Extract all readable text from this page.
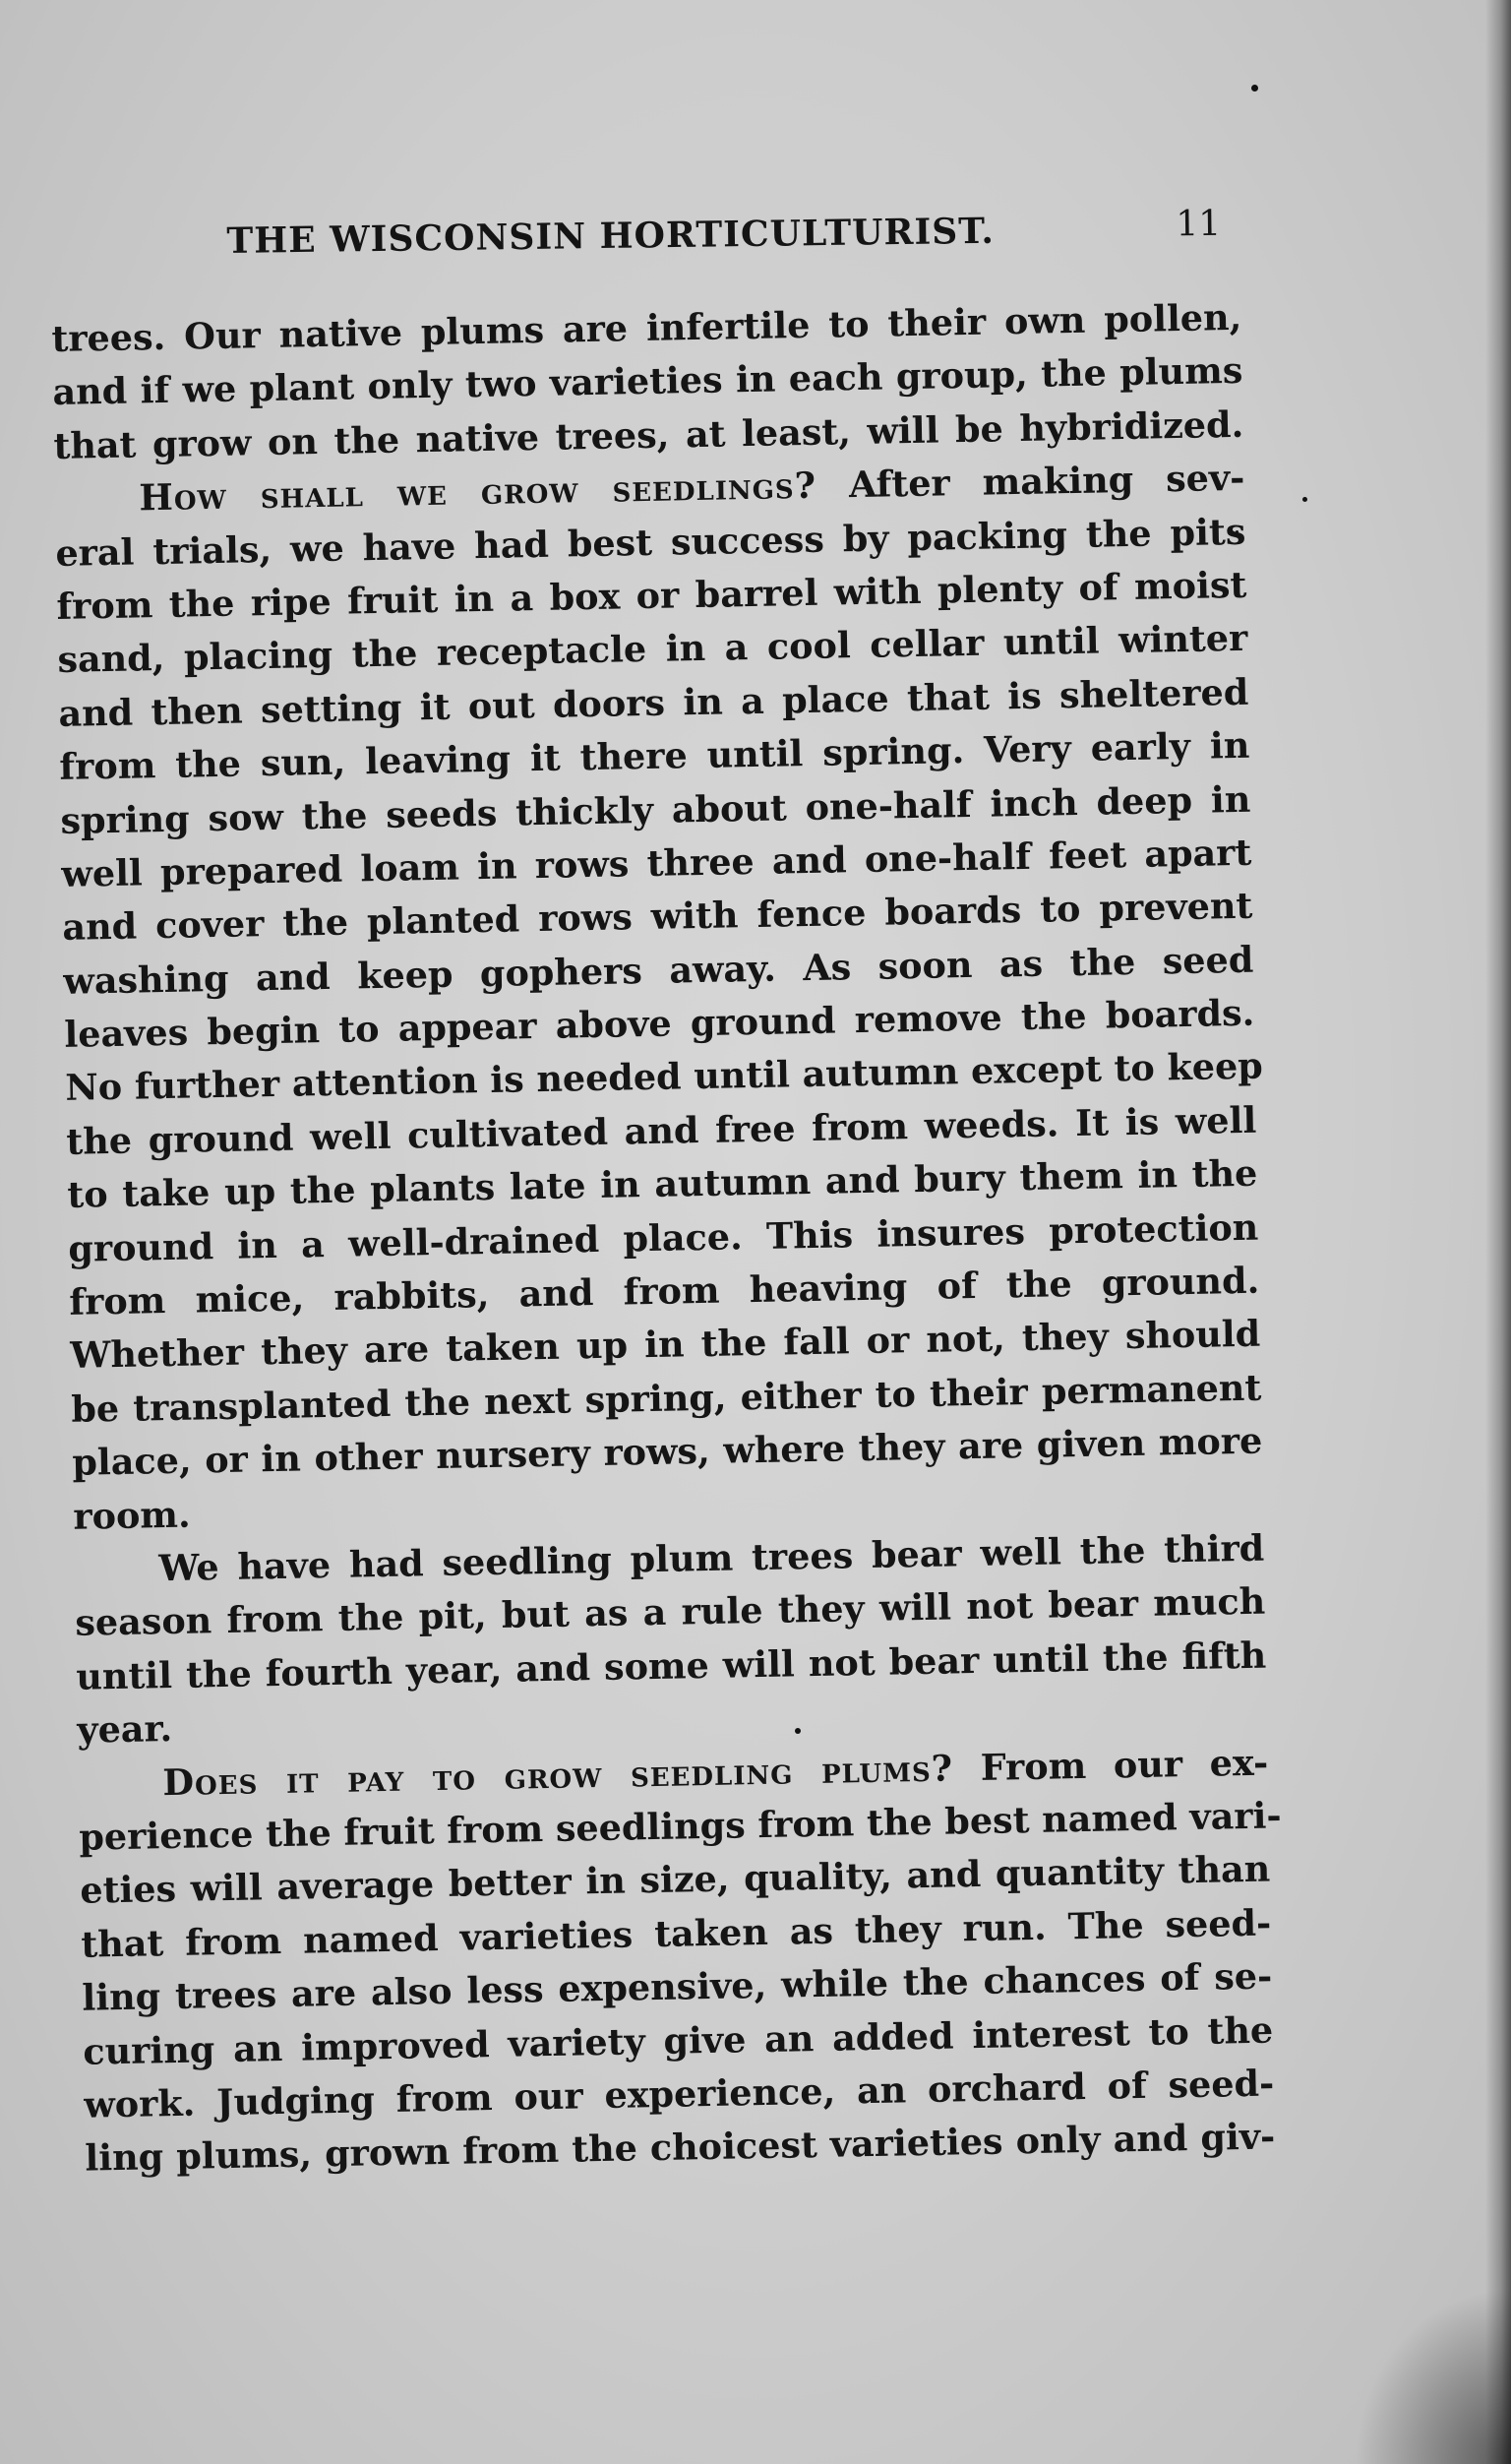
THE WISCONSIN HORTICULTURIST.	11
trees. Our native plums are infertile to their own pollen,
and if we plant only two varieties in each group, the plums
that grow on the native trees, at least, will be hybridized.
How shall we grow seedlings? After making sev-
eral trials, we have had best success by packing the pits
from the ripe fruit in a box or barrel with plenty of moist
sand, placing the receptacle in a cool cellar until winter
and then setting it out doors in a place that is sheltered
from the sun, leaving it there until spring. Very early in
spring sow the seeds thickly about one-half inch deep in
well prepared loam in rows three and one-half feet apart
and cover the planted rows with fence boards to prevent
washing and keep gophers away. As soon as the seed
leaves begin to appear above ground remove the boards.
No further attention is needed until autumn except to keep
the ground well cultivated and free from weeds. It is well
to take up the plants late in autumn and bury them in the
ground in a well-drained place. This insures protection
from mice, rabbits, and from heaving of the ground.
Whether they are taken up in the fall or not, they should
be transplanted the next spring, either to their permanent
place, or in other nursery rows, where they are given more
room.
We have had seedling plum trees bear well the third
season from the pit, but as a rule they will not bear much
until the fourth year, and some will not bear until the fifth
year.
Does it pay to grow seedling plums? From our ex-
perience the fruit from seedlings from the best named vari-
eties will average better in size, quality, and quantity than
that from named varieties taken as they run. The seed-
ling trees are also less expensive, while the chances of se-
curing an improved variety give an added interest to the
work. Judging from our experience, an orchard of seed-
ling plums, grown from the choicest varieties only and giv-
